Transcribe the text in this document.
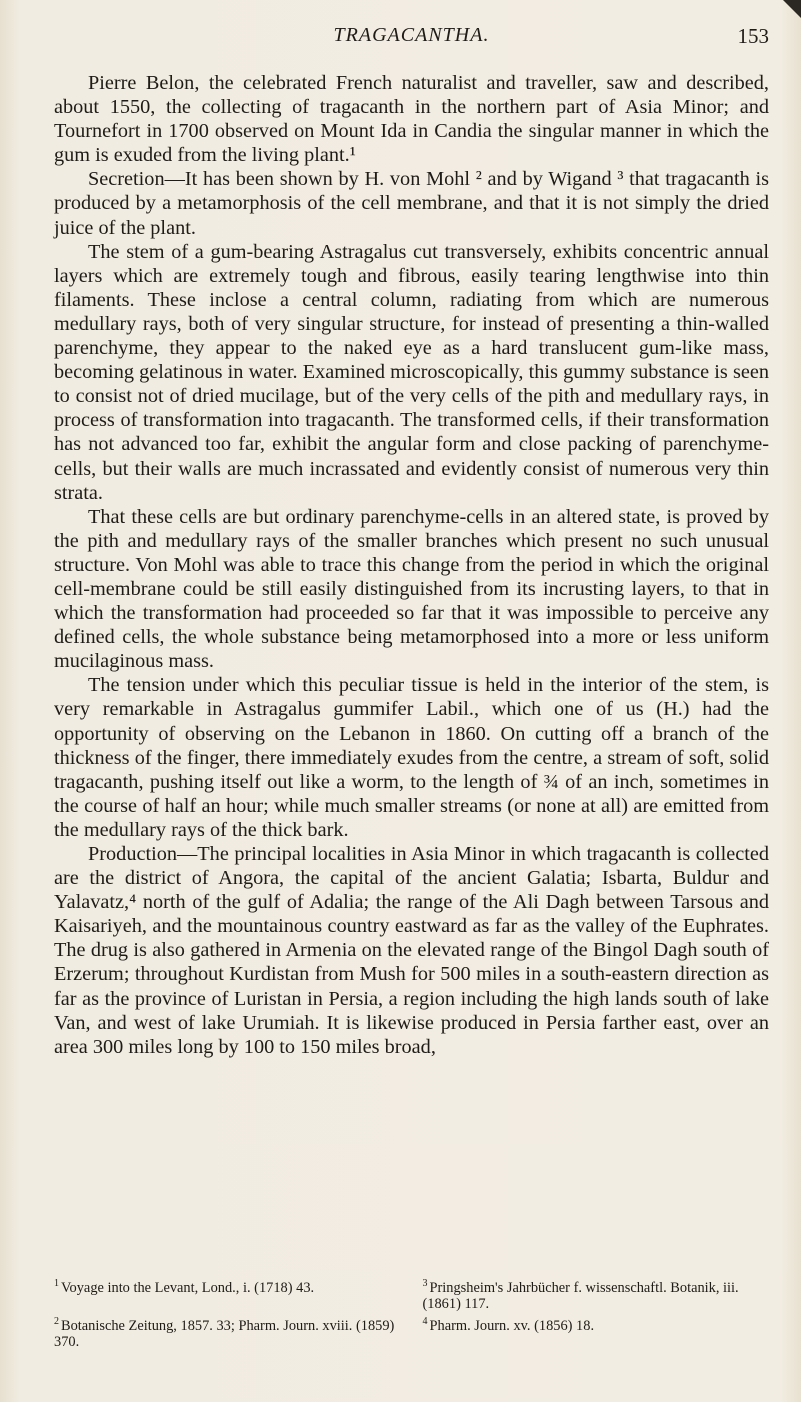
TRAGACANTHA.	153

Pierre Belon, the celebrated French naturalist and traveller, saw and described, about 1550, the collecting of tragacanth in the northern part of Asia Minor; and Tournefort in 1700 observed on Mount Ida in Candia the singular manner in which the gum is exuded from the living plant.¹

Secretion—It has been shown by H. von Mohl ² and by Wigand ³ that tragacanth is produced by a metamorphosis of the cell membrane, and that it is not simply the dried juice of the plant.

The stem of a gum-bearing Astragalus cut transversely, exhibits concentric annual layers which are extremely tough and fibrous, easily tearing lengthwise into thin filaments. These inclose a central column, radiating from which are numerous medullary rays, both of very singular structure, for instead of presenting a thin-walled parenchyme, they appear to the naked eye as a hard translucent gum-like mass, becoming gelatinous in water. Examined microscopically, this gummy substance is seen to consist not of dried mucilage, but of the very cells of the pith and medullary rays, in process of transformation into tragacanth. The transformed cells, if their transformation has not advanced too far, exhibit the angular form and close packing of parenchyme-cells, but their walls are much incrassated and evidently consist of numerous very thin strata.

That these cells are but ordinary parenchyme-cells in an altered state, is proved by the pith and medullary rays of the smaller branches which present no such unusual structure. Von Mohl was able to trace this change from the period in which the original cell-membrane could be still easily distinguished from its incrusting layers, to that in which the transformation had proceeded so far that it was impossible to perceive any defined cells, the whole substance being metamorphosed into a more or less uniform mucilaginous mass.

The tension under which this peculiar tissue is held in the interior of the stem, is very remarkable in Astragalus gummifer Labil., which one of us (H.) had the opportunity of observing on the Lebanon in 1860. On cutting off a branch of the thickness of the finger, there immediately exudes from the centre, a stream of soft, solid tragacanth, pushing itself out like a worm, to the length of ¾ of an inch, sometimes in the course of half an hour; while much smaller streams (or none at all) are emitted from the medullary rays of the thick bark.

Production—The principal localities in Asia Minor in which tragacanth is collected are the district of Angora, the capital of the ancient Galatia; Isbarta, Buldur and Yalavatz,⁴ north of the gulf of Adalia; the range of the Ali Dagh between Tarsous and Kaisariyeh, and the mountainous country eastward as far as the valley of the Euphrates. The drug is also gathered in Armenia on the elevated range of the Bingol Dagh south of Erzerum; throughout Kurdistan from Mush for 500 miles in a south-eastern direction as far as the province of Luristan in Persia, a region including the high lands south of lake Van, and west of lake Urumiah. It is likewise produced in Persia farther east, over an area 300 miles long by 100 to 150 miles broad,

$^1$ Voyage into the Levant, Lond., i. (1718) 43.	$^3$ Pringsheim's Jahrbücher f. wissenschaftl. Botanik, iii. (1861) 117.

$^2$ Botanische Zeitung, 1857. 33; Pharm. Journ. xviii. (1859) 370.

$^4$ Pharm. Journ. xv. (1856) 18.
